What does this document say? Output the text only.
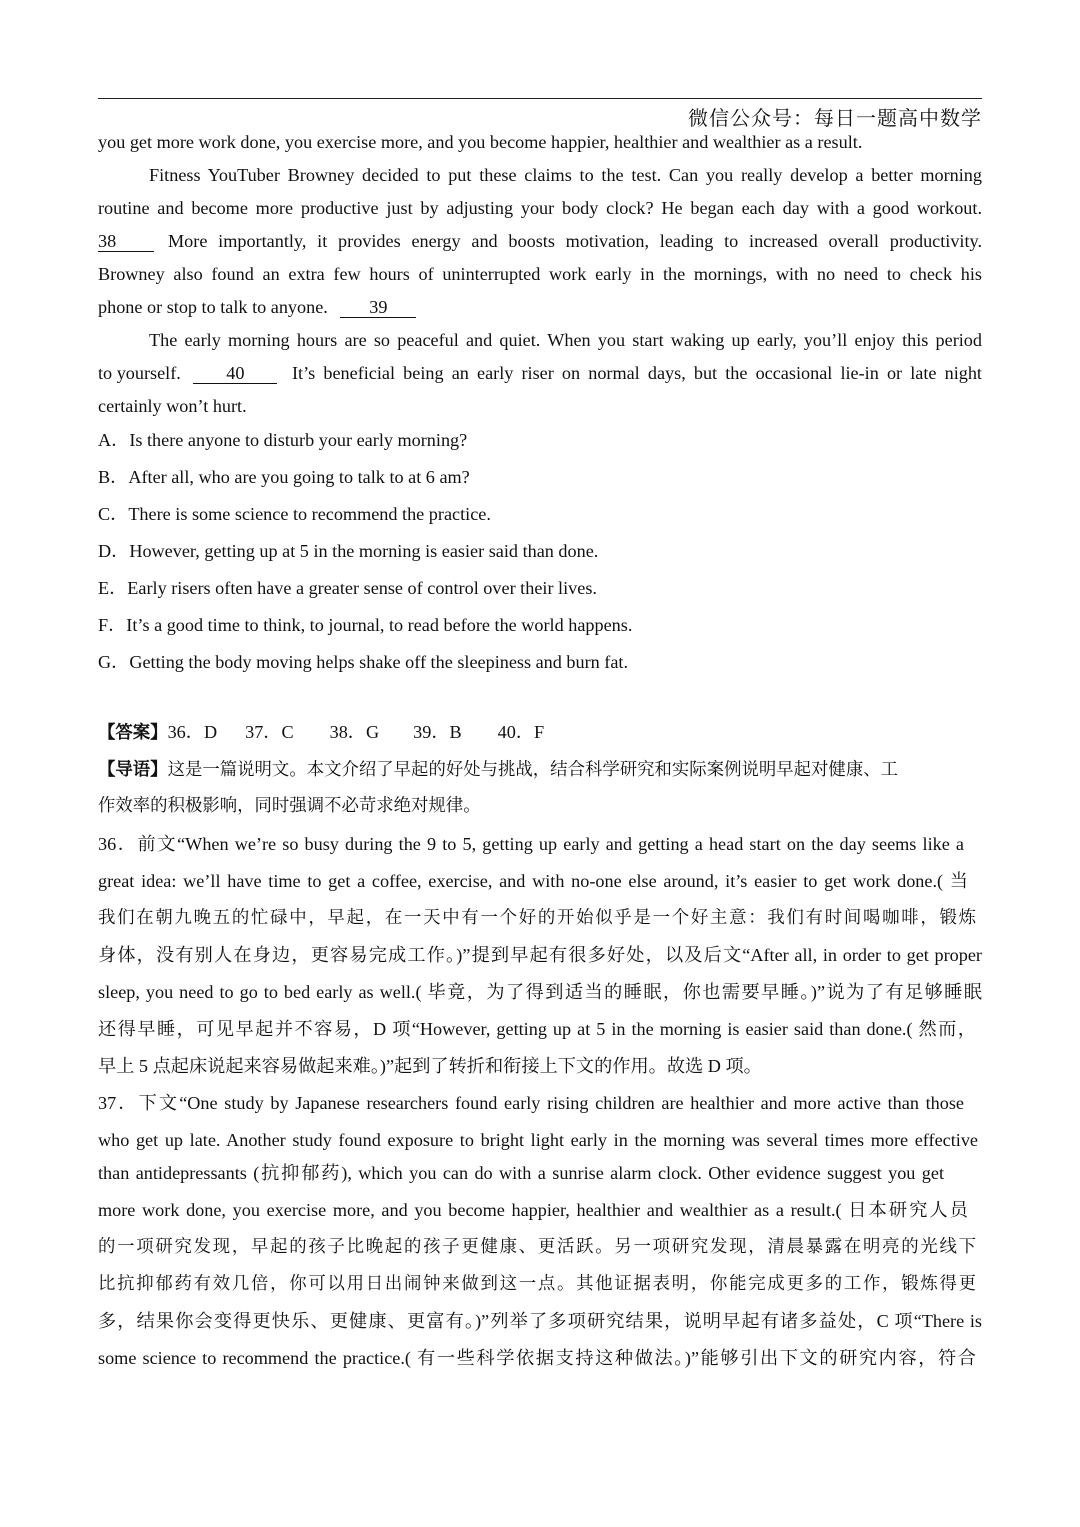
微信公众号：每日一题高中数学
you get more work done, you exercise more, and you become happier, healthier and wealthier as a result.
Fitness YouTuber Browney decided to put these claims to the test. Can you really develop a better morning
routine and become more productive just by adjusting your body clock? He began each day with a good workout.
38	More importantly, it provides energy and boosts motivation, leading to increased overall productivity.
Browney also found an extra few hours of uninterrupted work early in the mornings, with no need to check his
phone or stop to talk to anyone. 39
The early morning hours are so peaceful and quiet. When you start waking up early, you’ll enjoy this period
to yourself. 40	It’s beneficial being an early riser on normal days, but the occasional lie-in or late night
certainly won’t hurt.
A．Is there anyone to disturb your early morning?
B．After all, who are you going to talk to at 6 am?
C．There is some science to recommend the practice.
D．However, getting up at 5 in the morning is easier said than done.
E．Early risers often have a greater sense of control over their lives.
F．It’s a good time to think, to journal, to read before the world happens.
G．Getting the body moving helps shake off the sleepiness and burn fat.
【答案】36．D 37．C 38．G 39．B 40．F
【导语】这是一篇说明文。本文介绍了早起的好处与挑战，结合科学研究和实际案例说明早起对健康、工
作效率的积极影响，同时强调不必苛求绝对规律。
36．前文“When we’re so busy during the 9 to 5, getting up early and getting a head start on the day seems like a
great idea: we’ll have time to get a coffee, exercise, and with no-one else around, it’s easier to get work done.( 当
我们在朝九晚五的忙碌中，早起，在一天中有一个好的开始似乎是一个好主意：我们有时间喝咖啡，锻炼
身体，没有别人在身边，更容易完成工作。)”提到早起有很多好处，以及后文“After all, in order to get proper
sleep, you need to go to bed early as well.( 毕竟，为了得到适当的睡眠，你也需要早睡。)”说为了有足够睡眠
还得早睡，可见早起并不容易，D 项“However, getting up at 5 in the morning is easier said than done.( 然而，
早上 5 点起床说起来容易做起来难。)”起到了转折和衔接上下文的作用。故选 D 项。
37．下文“One study by Japanese researchers found early rising children are healthier and more active than those
who get up late. Another study found exposure to bright light early in the morning was several times more effective
than antidepressants (抗抑郁药), which you can do with a sunrise alarm clock. Other evidence suggest you get
more work done, you exercise more, and you become happier, healthier and wealthier as a result.( 日本研究人员
的一项研究发现，早起的孩子比晚起的孩子更健康、更活跃。另一项研究发现，清晨暴露在明亮的光线下
比抗抑郁药有效几倍，你可以用日出闹钟来做到这一点。其他证据表明，你能完成更多的工作，锻炼得更
多，结果你会变得更快乐、更健康、更富有。)”列举了多项研究结果，说明早起有诸多益处，C 项“There is
some science to recommend the practice.( 有一些科学依据支持这种做法。)”能够引出下文的研究内容，符合
